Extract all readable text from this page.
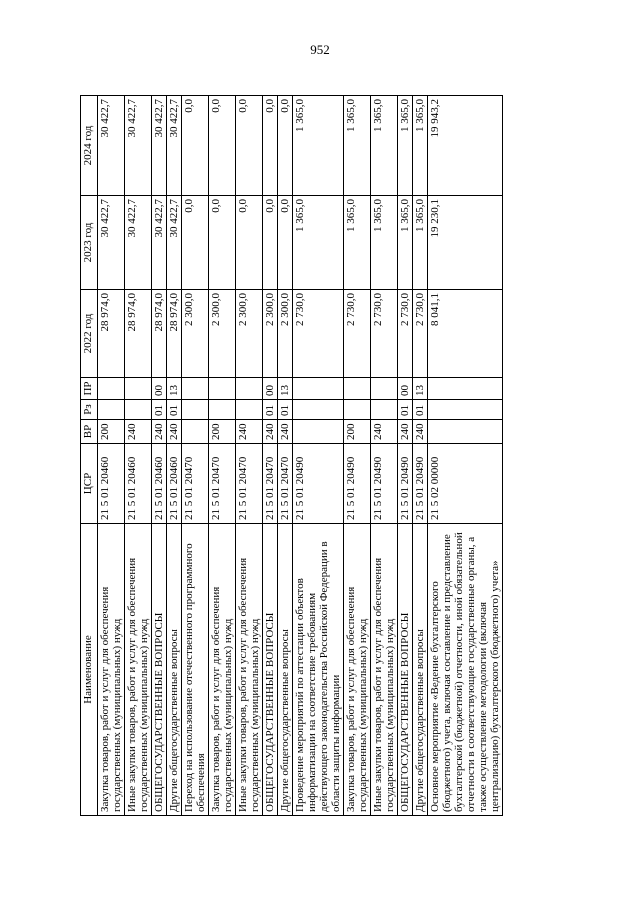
952
Наименование	ЦСР	ВР	Рз	ПР	2022 год	2023 год	2024 год
Закупка товаров, работ и услуг для обеспечения государственных (муниципальных) нужд	21 5 01 20460	200			28 974,0	30 422,7	30 422,7
Иные закупки товаров, работ и услуг для обеспечения государственных (муниципальных) нужд	21 5 01 20460	240			28 974,0	30 422,7	30 422,7
ОБЩЕГОСУДАРСТВЕННЫЕ ВОПРОСЫ	21 5 01 20460	240	01	00	28 974,0	30 422,7	30 422,7
Другие общегосударственные вопросы	21 5 01 20460	240	01	13	28 974,0	30 422,7	30 422,7
Переход на использование отечественного программного обеспечения	21 5 01 20470				2 300,0	0,0	0,0
Закупка товаров, работ и услуг для обеспечения государственных (муниципальных) нужд	21 5 01 20470	200			2 300,0	0,0	0,0
Иные закупки товаров, работ и услуг для обеспечения государственных (муниципальных) нужд	21 5 01 20470	240			2 300,0	0,0	0,0
ОБЩЕГОСУДАРСТВЕННЫЕ ВОПРОСЫ	21 5 01 20470	240	01	00	2 300,0	0,0	0,0
Другие общегосударственные вопросы	21 5 01 20470	240	01	13	2 300,0	0,0	0,0
Проведение мероприятий по аттестации объектов информатизации на соответствие требованиям действующего законодательства Российской Федерации в области защиты информации	21 5 01 20490				2 730,0	1 365,0	1 365,0
Закупка товаров, работ и услуг для обеспечения государственных (муниципальных) нужд	21 5 01 20490	200			2 730,0	1 365,0	1 365,0
Иные закупки товаров, работ и услуг для обеспечения государственных (муниципальных) нужд	21 5 01 20490	240			2 730,0	1 365,0	1 365,0
ОБЩЕГОСУДАРСТВЕННЫЕ ВОПРОСЫ	21 5 01 20490	240	01	00	2 730,0	1 365,0	1 365,0
Другие общегосударственные вопросы	21 5 01 20490	240	01	13	2 730,0	1 365,0	1 365,0
Основное мероприятие «Ведение бухгалтерского (бюджетного) учета, включая составление и представление бухгалтерской (бюджетной) отчетности, иной обязательной отчетности в соответствующие государственные органы, а также осуществление методологии (включая централизацию) бухгалтерского (бюджетного) учета»	21 5 02 00000				8 041,1	19 230,1	19 943,2
